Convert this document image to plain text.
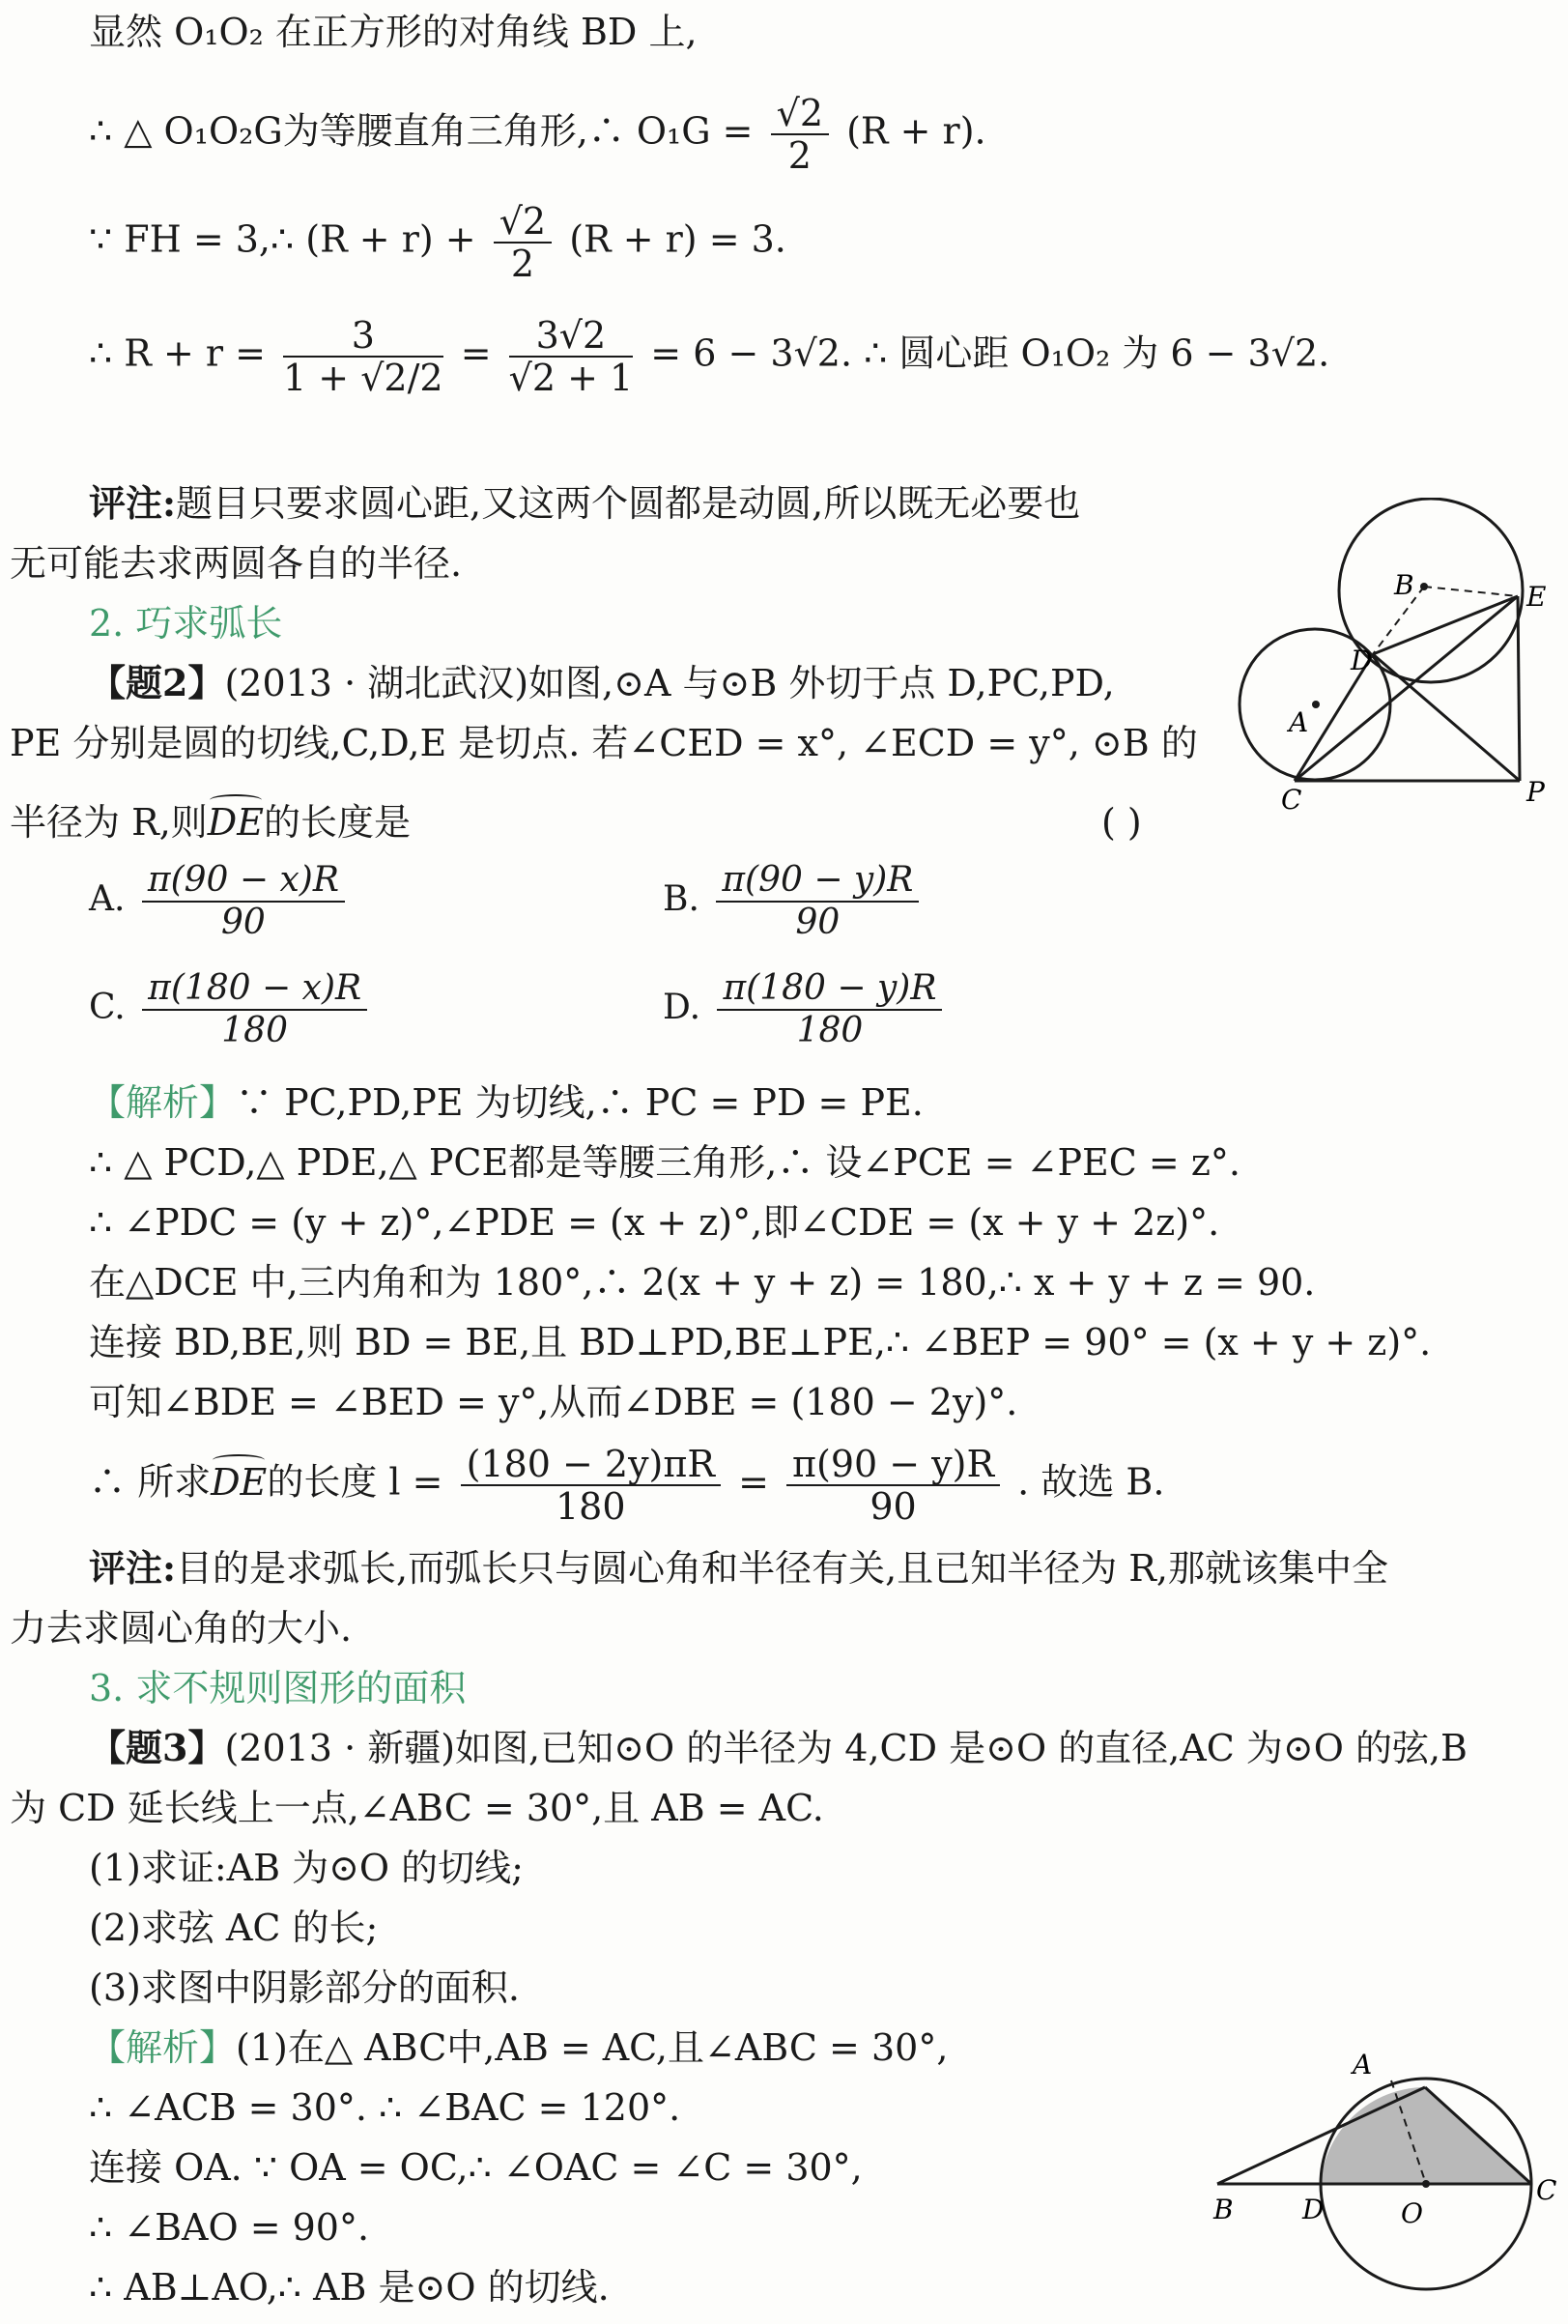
显然 O₁O₂ 在正方形的对角线 BD 上,
∴ △ O₁O₂G为等腰直角三角形,∴ $O_1G = \frac{√2}{2} (R + r)$.
∵ FH = 3,∴ $(R + r) + \frac{√2}{2} (R + r) = 3$.
∴ $R + r = \frac{3}{1 + √2/2} = \frac{3√2}{√2 + 1} = 6 - 3√2$. ∴ 圆心距 O₁O₂ 为 6 − 3√2.
评注:题目只要求圆心距,又这两个圆都是动圆,所以既无必要也
无可能去求两圆各自的半径.
2. 巧求弧长
【题2】(2013 · 湖北武汉)如图,⊙A 与⊙B 外切于点 D,PC,PD,
PE 分别是圆的切线,C,D,E 是切点. 若∠CED = x°, ∠ECD = y°, ⊙B 的
半径为 R,则DE的长度是	( )
B	E
D
A
C	P
A. $\frac{\pi(90 - x)R}{90}$	B. $\frac{\pi(90 - y)R}{90}$
C. $\frac{\pi(180 - x)R}{180}$	D. $\frac{\pi(180 - y)R}{180}$
【解析】∵ PC,PD,PE 为切线,∴ PC = PD = PE.
∴ △ PCD,△ PDE,△ PCE都是等腰三角形,∴ 设∠PCE = ∠PEC = z°.
∴ ∠PDC = (y + z)°,∠PDE = (x + z)°,即∠CDE = (x + y + 2z)°.
在△DCE 中,三内角和为 180°,∴ 2(x + y + z) = 180,∴ x + y + z = 90.
连接 BD,BE,则 BD = BE,且 BD⊥PD,BE⊥PE,∴ ∠BEP = 90° = (x + y + z)°.
可知∠BDE = ∠BED = y°,从而∠DBE = (180 − 2y)°.
∴ 所求DE的长度 $l = \frac{(180 - 2y)\pi R}{180} = \frac{\pi(90 - y)R}{90}$ . 故选 B.
评注:目的是求弧长,而弧长只与圆心角和半径有关,且已知半径为 R,那就该集中全
力去求圆心角的大小.
3. 求不规则图形的面积
【题3】(2013 · 新疆)如图,已知⊙O 的半径为 4,CD 是⊙O 的直径,AC 为⊙O 的弦,B
为 CD 延长线上一点,∠ABC = 30°,且 AB = AC.
(1)求证:AB 为⊙O 的切线;
(2)求弦 AC 的长;
(3)求图中阴影部分的面积.
【解析】(1)在△ ABC中,AB = AC,且∠ABC = 30°,
∴ ∠ACB = 30°. ∴ ∠BAC = 120°.
连接 OA. ∵ OA = OC,∴ ∠OAC = ∠C = 30°,
∴ ∠BAO = 90°.
∴ AB⊥AO,∴ AB 是⊙O 的切线.
A
B	D	O
C
